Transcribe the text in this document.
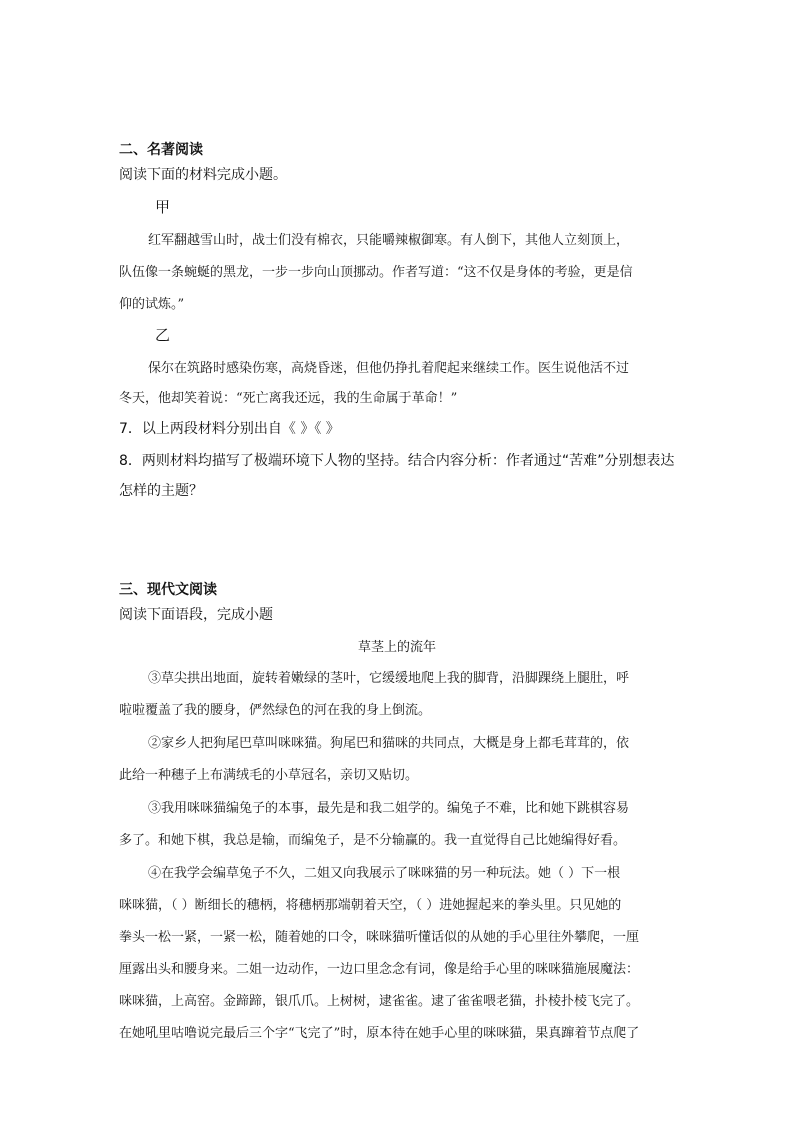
二、名著阅读
阅读下面的材料完成小题。
甲
红军翻越雪山时，战士们没有棉衣，只能嚼辣椒御寒。有人倒下，其他人立刻顶上，
队伍像一条蜿蜒的黑龙，一步一步向山顶挪动。作者写道：“这不仅是身体的考验，更是信
仰的试炼。”
乙
保尔在筑路时感染伤寒，高烧昏迷，但他仍挣扎着爬起来继续工作。医生说他活不过
冬天，他却笑着说：“死亡离我还远，我的生命属于革命！”
7．以上两段材料分别出自《 》《 》
8．两则材料均描写了极端环境下人物的坚持。结合内容分析：作者通过“苦难”分别想表达
怎样的主题？
三、现代文阅读
阅读下面语段，完成小题
草茎上的流年
③草尖拱出地面，旋转着嫩绿的茎叶，它缓缓地爬上我的脚背，沿脚踝绕上腿肚，呼
啦啦覆盖了我的腰身，俨然绿色的河在我的身上倒流。
②家乡人把狗尾巴草叫咪咪猫。狗尾巴和猫咪的共同点，大概是身上都毛茸茸的，依
此给一种穗子上布满绒毛的小草冠名，亲切又贴切。
③我用咪咪猫编兔子的本事，最先是和我二姐学的。编兔子不难，比和她下跳棋容易
多了。和她下棋，我总是输，而编兔子，是不分输赢的。我一直觉得自己比她编得好看。
④在我学会编草兔子不久，二姐又向我展示了咪咪猫的另一种玩法。她（ ）下一根
咪咪猫，（ ）断细长的穗柄，将穗柄那端朝着天空，（ ）进她握起来的拳头里。只见她的
拳头一松一紧，一紧一松，随着她的口令，咪咪猫听懂话似的从她的手心里往外攀爬，一厘
厘露出头和腰身来。二姐一边动作，一边口里念念有词，像是给手心里的咪咪猫施展魔法：
咪咪猫，上高窑。金蹄蹄，银爪爪。上树树，逮雀雀。逮了雀雀喂老猫，扑棱扑棱飞完了。
在她吼里咕噜说完最后三个字“飞完了”时，原本待在她手心里的咪咪猫，果真蹿着节点爬了
